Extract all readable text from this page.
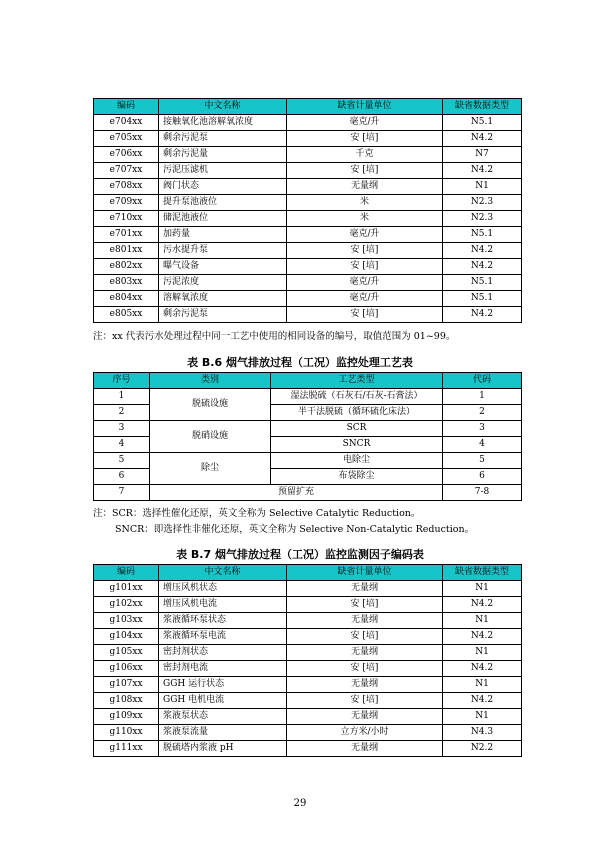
编码	中文名称	缺省计量单位	缺省数据类型
e704xx	接触氧化池溶解氧浓度	毫克/升	N5.1
e705xx	剩余污泥泵	安 [培]	N4.2
e706xx	剩余污泥量	千克	N7
e707xx	污泥压滤机	安 [培]	N4.2
e708xx	阀门状态	无量纲	N1
e709xx	提升泵池液位	米	N2.3
e710xx	储泥池液位	米	N2.3
e701xx	加药量	毫克/升	N5.1
e801xx	污水提升泵	安 [培]	N4.2
e802xx	曝气设备	安 [培]	N4.2
e803xx	污泥浓度	毫克/升	N5.1
e804xx	溶解氧浓度	毫克/升	N5.1
e805xx	剩余污泥泵	安 [培]	N4.2
注：xx 代表污水处理过程中同一工艺中使用的相同设备的编号，取值范围为 01~99。
表 B.6 烟气排放过程（工况）监控处理工艺表
序号	类别	工艺类型	代码
1	脱硫设施	湿法脱硫（石灰石/石灰-石膏法）	1
2		半干法脱硫（循环硫化床法）	2
3	脱硝设施	SCR	3
4		SNCR	4
5	除尘	电除尘	5
6		布袋除尘	6
7	预留扩充		7-8
注：SCR：选择性催化还原，英文全称为 Selective Catalytic Reduction。
SNCR：即选择性非催化还原，英文全称为 Selective Non-Catalytic Reduction。
表 B.7 烟气排放过程（工况）监控监测因子编码表
编码	中文名称	缺省计量单位	缺省数据类型
g101xx	增压风机状态	无量纲	N1
g102xx	增压风机电流	安 [培]	N4.2
g103xx	浆液循环泵状态	无量纲	N1
g104xx	浆液循环泵电流	安 [培]	N4.2
g105xx	密封剂状态	无量纲	N1
g106xx	密封剂电流	安 [培]	N4.2
g107xx	GGH 运行状态	无量纲	N1
g108xx	GGH 电机电流	安 [培]	N4.2
g109xx	浆液泵状态	无量纲	N1
g110xx	浆液泵流量	立方米/小时	N4.3
g111xx	脱硫塔内浆液 pH	无量纲	N2.2
29
